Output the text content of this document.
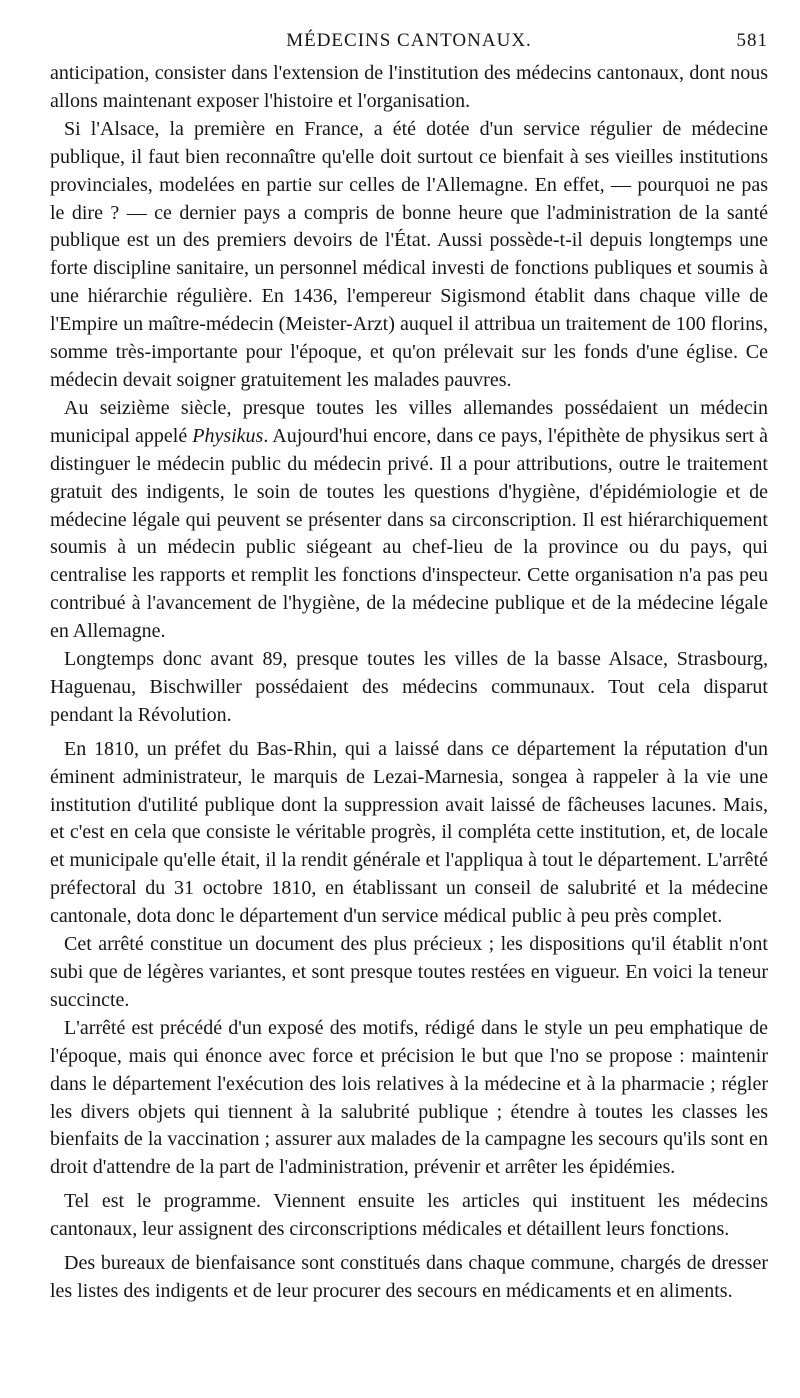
MÉDECINS CANTONAUX.	581

anticipation, consister dans l'extension de l'institution des médecins cantonaux, dont nous allons maintenant exposer l'histoire et l'organisation.

Si l'Alsace, la première en France, a été dotée d'un service régulier de médecine publique, il faut bien reconnaître qu'elle doit surtout ce bienfait à ses vieilles institutions provinciales, modelées en partie sur celles de l'Allemagne. En effet, — pourquoi ne pas le dire ? — ce dernier pays a compris de bonne heure que l'administration de la santé publique est un des premiers devoirs de l'État. Aussi possède-t-il depuis longtemps une forte discipline sanitaire, un personnel médical investi de fonctions publiques et soumis à une hiérarchie régulière. En 1436, l'empereur Sigismond établit dans chaque ville de l'Empire un maître-médecin (Meister-Arzt) auquel il attribua un traitement de 100 florins, somme très-importante pour l'époque, et qu'on prélevait sur les fonds d'une église. Ce médecin devait soigner gratuitement les malades pauvres.

Au seizième siècle, presque toutes les villes allemandes possédaient un médecin municipal appelé Physikus. Aujourd'hui encore, dans ce pays, l'épithète de physikus sert à distinguer le médecin public du médecin privé. Il a pour attributions, outre le traitement gratuit des indigents, le soin de toutes les questions d'hygiène, d'épidémiologie et de médecine légale qui peuvent se présenter dans sa circonscription. Il est hiérarchiquement soumis à un médecin public siégeant au chef-lieu de la province ou du pays, qui centralise les rapports et remplit les fonctions d'inspecteur. Cette organisation n'a pas peu contribué à l'avancement de l'hygiène, de la médecine publique et de la médecine légale en Allemagne.

Longtemps donc avant 89, presque toutes les villes de la basse Alsace, Strasbourg, Haguenau, Bischwiller possédaient des médecins communaux. Tout cela disparut pendant la Révolution.

En 1810, un préfet du Bas-Rhin, qui a laissé dans ce département la réputation d'un éminent administrateur, le marquis de Lezai-Marnesia, songea à rappeler à la vie une institution d'utilité publique dont la suppression avait laissé de fâcheuses lacunes. Mais, et c'est en cela que consiste le véritable progrès, il compléta cette institution, et, de locale et municipale qu'elle était, il la rendit générale et l'appliqua à tout le département. L'arrêté préfectoral du 31 octobre 1810, en établissant un conseil de salubrité et la médecine cantonale, dota donc le département d'un service médical public à peu près complet.

Cet arrêté constitue un document des plus précieux ; les dispositions qu'il établit n'ont subi que de légères variantes, et sont presque toutes restées en vigueur. En voici la teneur succincte.

L'arrêté est précédé d'un exposé des motifs, rédigé dans le style un peu emphatique de l'époque, mais qui énonce avec force et précision le but que l'no se propose : maintenir dans le département l'exécution des lois relatives à la médecine et à la pharmacie ; régler les divers objets qui tiennent à la salubrité publique ; étendre à toutes les classes les bienfaits de la vaccination ; assurer aux malades de la campagne les secours qu'ils sont en droit d'attendre de la part de l'administration, prévenir et arrêter les épidémies.

Tel est le programme. Viennent ensuite les articles qui instituent les médecins cantonaux, leur assignent des circonscriptions médicales et détaillent leurs fonctions.

Des bureaux de bienfaisance sont constitués dans chaque commune, chargés de dresser les listes des indigents et de leur procurer des secours en médicaments et en aliments.
